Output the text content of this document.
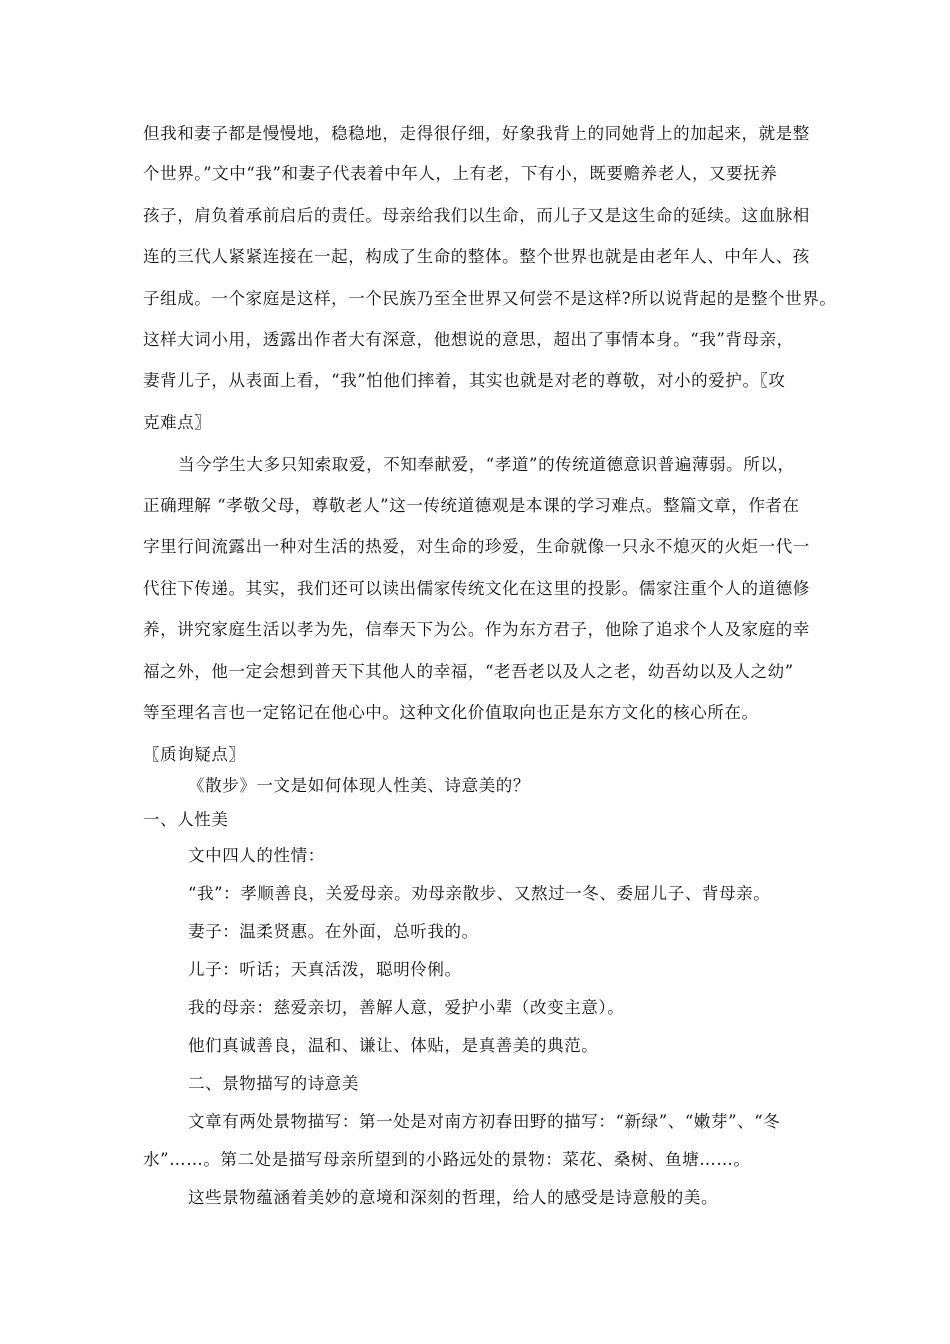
但我和妻子都是慢慢地，稳稳地，走得很仔细，好象我背上的同她背上的加起来，就是整
个世界。”文中“我”和妻子代表着中年人，上有老，下有小，既要赡养老人，又要抚养
孩子，肩负着承前启后的责任。母亲给我们以生命，而儿子又是这生命的延续。这血脉相
连的三代人紧紧连接在一起，构成了生命的整体。整个世界也就是由老年人、中年人、孩
子组成。一个家庭是这样，一个民族乃至全世界又何尝不是这样?所以说背起的是整个世界。
这样大词小用，透露出作者大有深意，他想说的意思，超出了事情本身。“我”背母亲，
妻背儿子，从表面上看，“我”怕他们摔着，其实也就是对老的尊敬，对小的爱护。〖攻
克难点〗
当今学生大多只知索取爱，不知奉献爱，“孝道”的传统道德意识普遍薄弱。所以，
正确理解 “孝敬父母，尊敬老人”这一传统道德观是本课的学习难点。整篇文章，作者在
字里行间流露出一种对生活的热爱，对生命的珍爱，生命就像一只永不熄灭的火炬一代一
代往下传递。其实，我们还可以读出儒家传统文化在这里的投影。儒家注重个人的道德修
养，讲究家庭生活以孝为先，信奉天下为公。作为东方君子，他除了追求个人及家庭的幸
福之外，他一定会想到普天下其他人的幸福，“老吾老以及人之老，幼吾幼以及人之幼”
等至理名言也一定铭记在他心中。这种文化价值取向也正是东方文化的核心所在。
〖质询疑点〗
《散步》一文是如何体现人性美、诗意美的？
一、人性美
文中四人的性情：
“我”：孝顺善良，关爱母亲。劝母亲散步、又熬过一冬、委屈儿子、背母亲。
妻子：温柔贤惠。在外面，总听我的。
儿子：听话；天真活泼，聪明伶俐。
我的母亲：慈爱亲切，善解人意，爱护小辈（改变主意）。
他们真诚善良，温和、谦让、体贴，是真善美的典范。
二、景物描写的诗意美
文章有两处景物描写：第一处是对南方初春田野的描写：“新绿”、“嫩芽”、“冬
水”……。第二处是描写母亲所望到的小路远处的景物：菜花、桑树、鱼塘……。
这些景物蕴涵着美妙的意境和深刻的哲理，给人的感受是诗意般的美。
